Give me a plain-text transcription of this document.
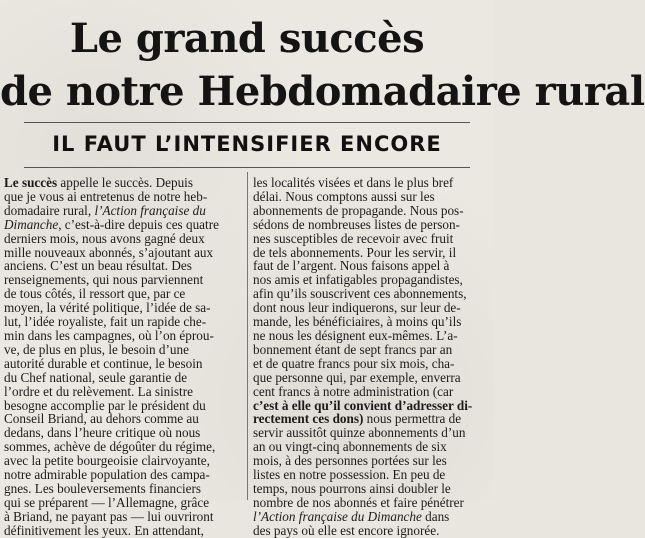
Le grand succès
de notre Hebdomadaire rural
IL FAUT L’INTENSIFIER ENCORE
Le succès appelle le succès. Depuis
que je vous ai entretenus de notre heb-
domadaire rural, l’Action française du
Dimanche, c’est-à-dire depuis ces quatre
derniers mois, nous avons gagné deux
mille nouveaux abonnés, s’ajoutant aux
anciens. C’est un beau résultat. Des
renseignements, qui nous parviennent
de tous côtés, il ressort que, par ce
moyen, la vérité politique, l’idée de sa-
lut, l’idée royaliste, fait un rapide che-
min dans les campagnes, où l’on éprou-
ve, de plus en plus, le besoin d’une
autorité durable et continue, le besoin
du Chef national, seule garantie de
l’ordre et du relèvement. La sinistre
besogne accomplie par le président du
Conseil Briand, au dehors comme au
dedans, dans l’heure critique où nous
sommes, achève de dégoûter du régime,
avec la petite bourgeoisie clairvoyante,
notre admirable population des campa-
gnes. Les bouleversements financiers
qui se préparent — l’Allemagne, grâce
à Briand, ne payant pas — lui ouvriront
définitivement les yeux. En attendant,
les localités visées et dans le plus bref
délai. Nous comptons aussi sur les
abonnements de propagande. Nous pos-
sédons de nombreuses listes de person-
nes susceptibles de recevoir avec fruit
de tels abonnements. Pour les servir, il
faut de l’argent. Nous faisons appel à
nos amis et infatigables propagandistes,
afin qu’ils souscrivent ces abonnements,
dont nous leur indiquerons, sur leur de-
mande, les bénéficiaires, à moins qu’ils
ne nous les désignent eux-mêmes. L’a-
bonnement étant de sept francs par an
et de quatre francs pour six mois, cha-
que personne qui, par exemple, enverra
cent francs à notre administration (car
c’est à elle qu’il convient d’adresser di-
rectement ces dons) nous permettra de
servir aussitôt quinze abonnements d’un
an ou vingt-cinq abonnements de six
mois, à des personnes portées sur les
listes en notre possession. En peu de
temps, nous pourrons ainsi doubler le
nombre de nos abonnés et faire pénétrer
l’Action française du Dimanche dans
des pays où elle est encore ignorée.
